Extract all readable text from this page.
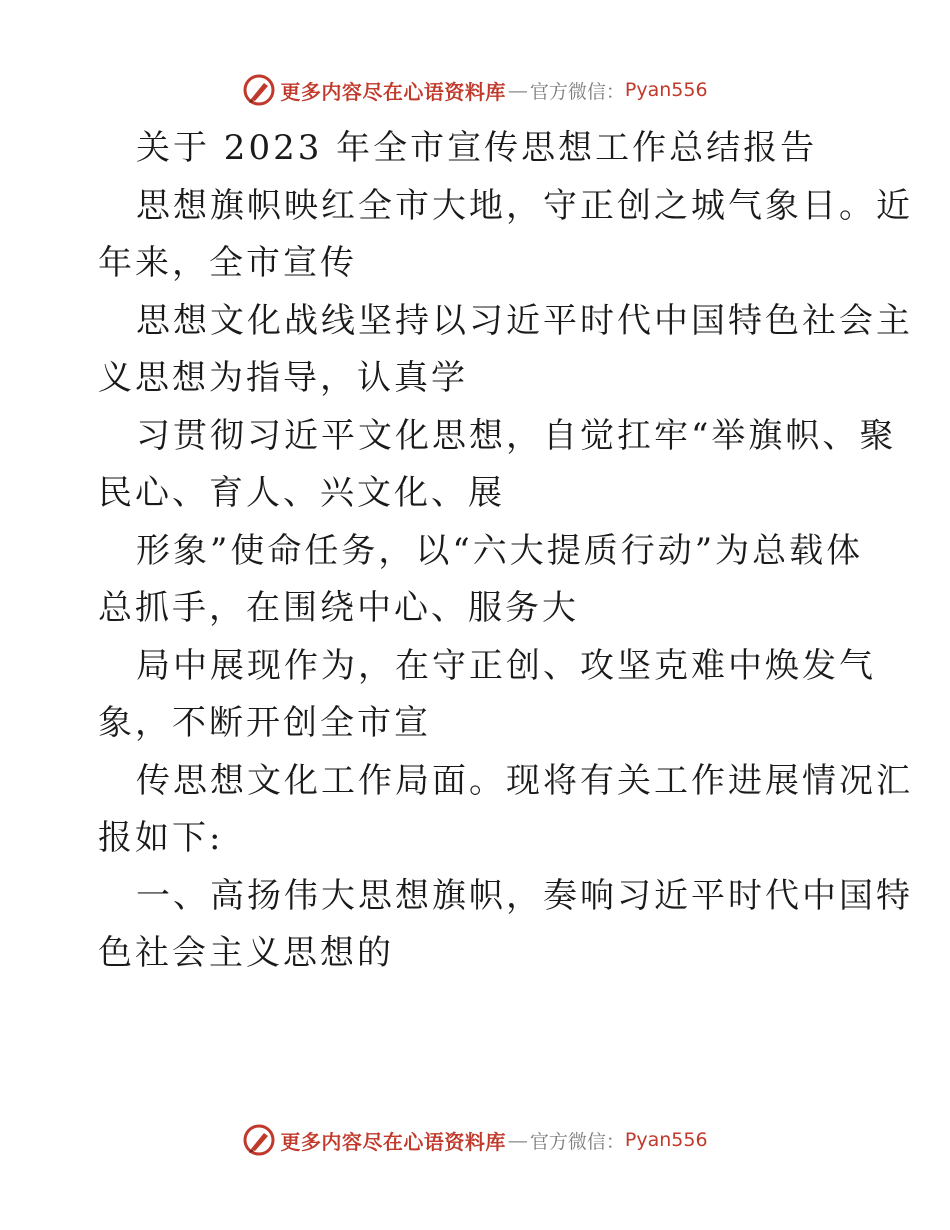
更多内容尽在心语资料库 — 官方微信： Pyan556
关于 2023 年全市宣传思想工作总结报告
思想旗帜映红全市大地，守正创之城气象日。近
年来，全市宣传
思想文化战线坚持以习近平时代中国特色社会主
义思想为指导，认真学
习贯彻习近平文化思想，自觉扛牢“举旗帜、聚
民心、育人、兴文化、展
形象”使命任务，以“六大提质行动”为总载体
总抓手，在围绕中心、服务大
局中展现作为，在守正创、攻坚克难中焕发气
象，不断开创全市宣
传思想文化工作局面。现将有关工作进展情况汇
报如下:
一、高扬伟大思想旗帜，奏响习近平时代中国特
色社会主义思想的
更多内容尽在心语资料库 — 官方微信： Pyan556
